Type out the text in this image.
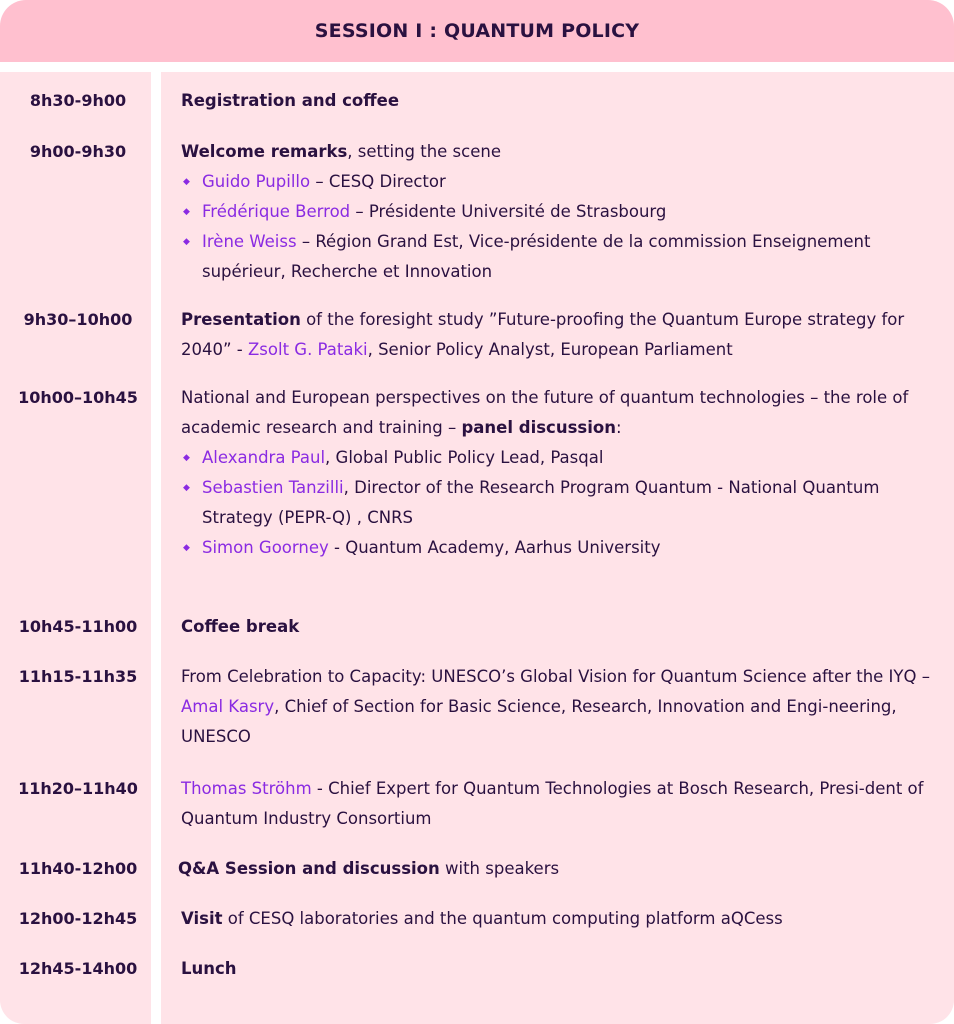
SESSION I : QUANTUM POLICY
8h30-9h00	Registration and coffee
9h00-9h30	Welcome remarks, setting the scene
◆ Guido Pupillo – CESQ Director
◆ Frédérique Berrod – Présidente Université de Strasbourg
◆ Irène Weiss – Région Grand Est, Vice-présidente de la commission Enseignement supérieur, Recherche et Innovation
9h30–10h00	Presentation of the foresight study ”Future-proofing the Quantum Europe strategy for 2040” - Zsolt G. Pataki, Senior Policy Analyst, European Parliament
10h00–10h45	National and European perspectives on the future of quantum technologies – the role of academic research and training – panel discussion:
◆ Alexandra Paul, Global Public Policy Lead, Pasqal
◆ Sebastien Tanzilli, Director of the Research Program Quantum - National Quantum Strategy (PEPR-Q) , CNRS
◆ Simon Goorney - Quantum Academy, Aarhus University
10h45-11h00	Coffee break
11h15-11h35	From Celebration to Capacity: UNESCO’s Global Vision for Quantum Science after the IYQ – Amal Kasry, Chief of Section for Basic Science, Research, Innovation and Engi-neering, UNESCO
11h20–11h40	Thomas Ströhm - Chief Expert for Quantum Technologies at Bosch Research, Presi-dent of Quantum Industry Consortium
11h40-12h00	Q&A Session and discussion with speakers
12h00-12h45	Visit of CESQ laboratories and the quantum computing platform aQCess
12h45-14h00	Lunch
